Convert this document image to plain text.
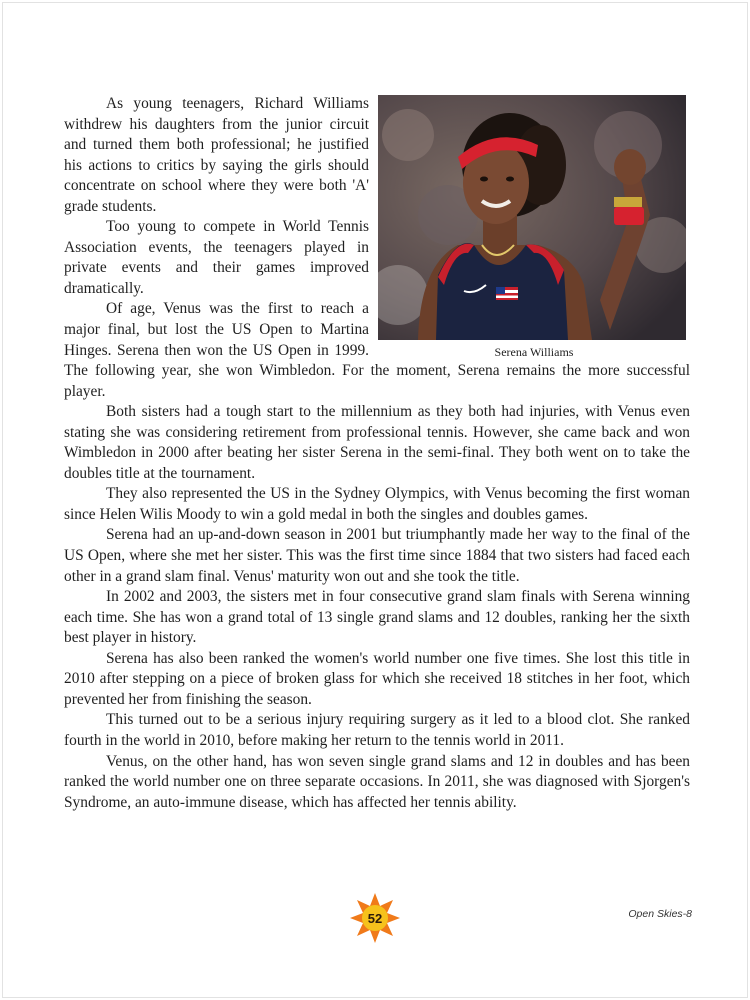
Serena Williams

As young teenagers, Richard Williams withdrew his daughters from the junior circuit and turned them both professional; he justified his actions to critics by saying the girls should concentrate on school where they were both 'A' grade students.

Too young to compete in World Tennis Association events, the teenagers played in private events and their games improved dramatically.

Of age, Venus was the first to reach a major final, but lost the US Open to Martina Hinges. Serena then won the US Open in 1999. The following year, she won Wimbledon. For the moment, Serena remains the more successful player.

Both sisters had a tough start to the millennium as they both had injuries, with Venus even stating she was considering retirement from professional tennis. However, she came back and won Wimbledon in 2000 after beating her sister Serena in the semi-final. They both went on to take the doubles title at the tournament.

They also represented the US in the Sydney Olympics, with Venus becoming the first woman since Helen Wilis Moody to win a gold medal in both the singles and doubles games.

Serena had an up-and-down season in 2001 but triumphantly made her way to the final of the US Open, where she met her sister. This was the first time since 1884 that two sisters had faced each other in a grand slam final. Venus' maturity won out and she took the title.

In 2002 and 2003, the sisters met in four consecutive grand slam finals with Serena winning each time. She has won a grand total of 13 single grand slams and 12 doubles, ranking her the sixth best player in history.

Serena has also been ranked the women's world number one five times. She lost this title in 2010 after stepping on a piece of broken glass for which she received 18 stitches in her foot, which prevented her from finishing the season.

This turned out to be a serious injury requiring surgery as it led to a blood clot. She ranked fourth in the world in 2010, before making her return to the tennis world in 2011.

Venus, on the other hand, has won seven single grand slams and 12 in doubles and has been ranked the world number one on three separate occasions. In 2011, she was diagnosed with Sjorgen's Syndrome, an auto-immune disease, which has affected her tennis ability.

52	Open Skies-8
